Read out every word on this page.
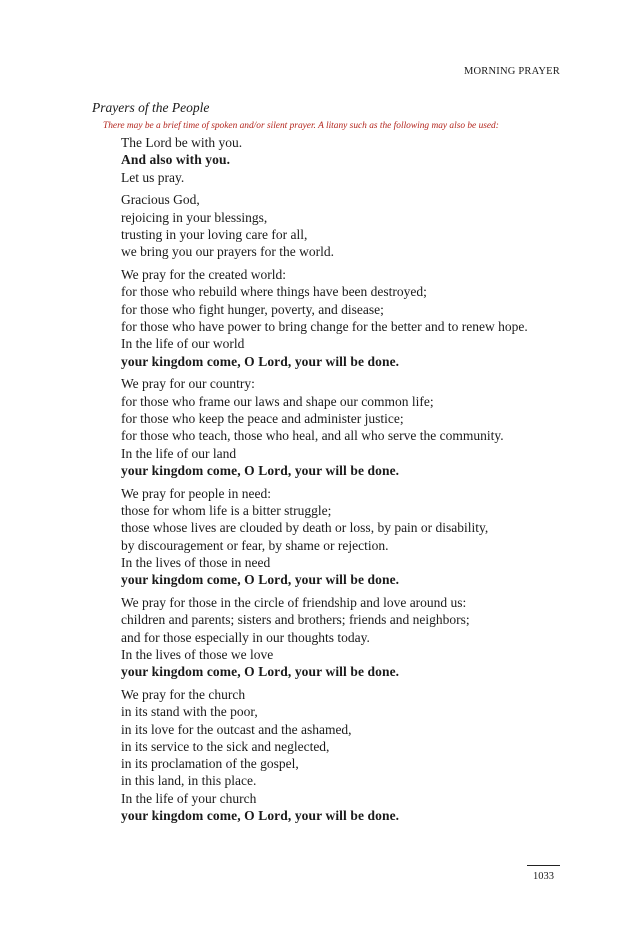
MORNING PRAYER
Prayers of the People
There may be a brief time of spoken and/or silent prayer. A litany such as the following may also be used:
The Lord be with you.
And also with you.
Let us pray.
Gracious God,
rejoicing in your blessings,
trusting in your loving care for all,
we bring you our prayers for the world.
We pray for the created world:
for those who rebuild where things have been destroyed;
for those who fight hunger, poverty, and disease;
for those who have power to bring change for the better and to renew hope.
In the life of our world
your kingdom come, O Lord, your will be done.
We pray for our country:
for those who frame our laws and shape our common life;
for those who keep the peace and administer justice;
for those who teach, those who heal, and all who serve the community.
In the life of our land
your kingdom come, O Lord, your will be done.
We pray for people in need:
those for whom life is a bitter struggle;
those whose lives are clouded by death or loss, by pain or disability,
by discouragement or fear, by shame or rejection.
In the lives of those in need
your kingdom come, O Lord, your will be done.
We pray for those in the circle of friendship and love around us:
children and parents; sisters and brothers; friends and neighbors;
and for those especially in our thoughts today.
In the lives of those we love
your kingdom come, O Lord, your will be done.
We pray for the church
in its stand with the poor,
in its love for the outcast and the ashamed,
in its service to the sick and neglected,
in its proclamation of the gospel,
in this land, in this place.
In the life of your church
your kingdom come, O Lord, your will be done.
1033
